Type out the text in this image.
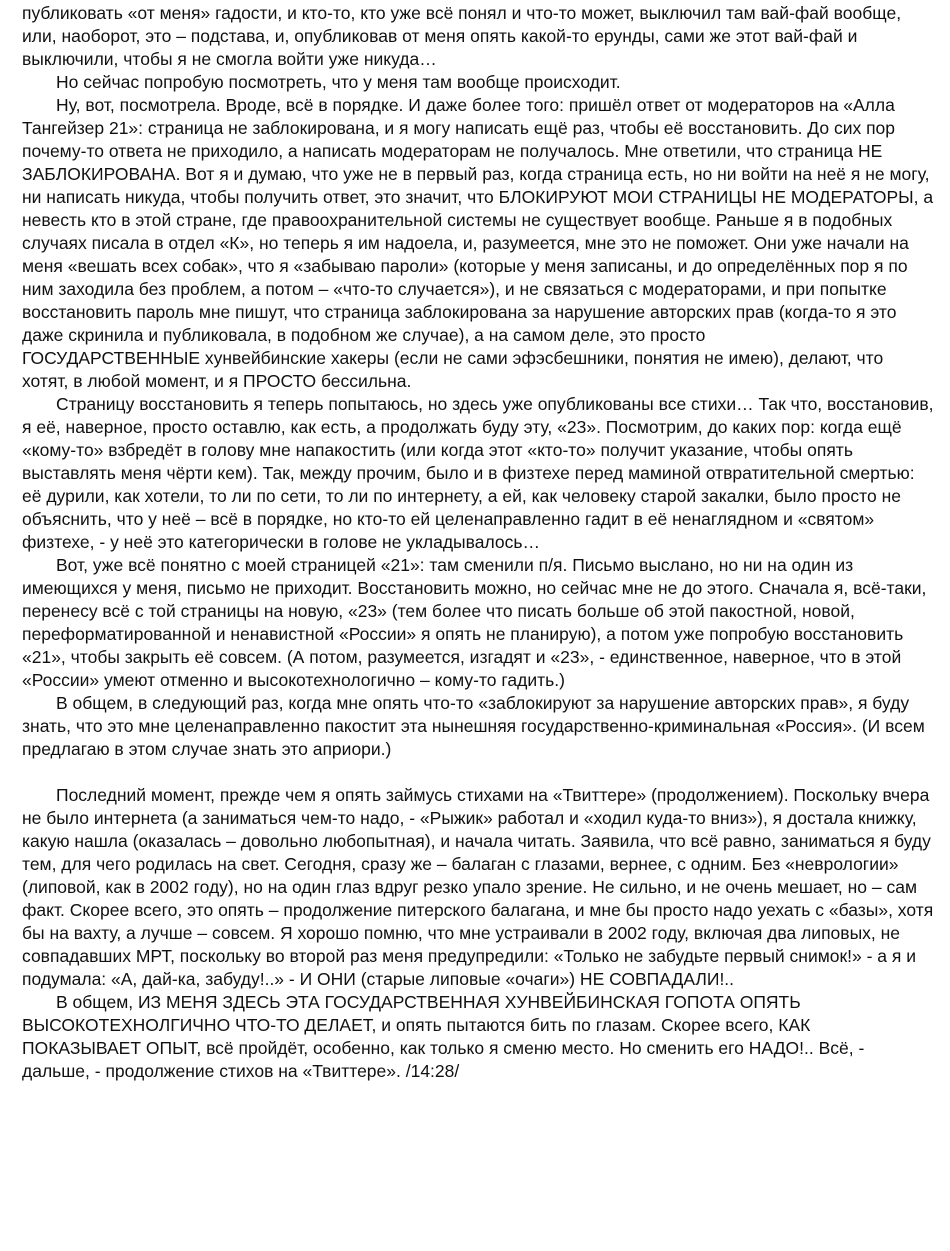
публиковать «от меня» гадости, и кто-то, кто уже всё понял и что-то может, выключил там вай-фай вообще, или, наоборот, это – подстава, и, опубликовав от меня опять какой-то ерунды, сами же этот вай-фай и выключили, чтобы я не смогла войти уже никуда…

Но сейчас попробую посмотреть, что у меня там вообще происходит.

Ну, вот, посмотрела. Вроде, всё в порядке. И даже более того: пришёл ответ от модераторов на «Алла Тангейзер 21»: страница не заблокирована, и я могу написать ещё раз, чтобы её восстановить. До сих пор почему-то ответа не приходило, а написать модераторам не получалось. Мне ответили, что страница НЕ ЗАБЛОКИРОВАНА. Вот я и думаю, что уже не в первый раз, когда страница есть, но ни войти на неё я не могу, ни написать никуда, чтобы получить ответ, это значит, что БЛОКИРУЮТ МОИ СТРАНИЦЫ НЕ МОДЕРАТОРЫ, а невесть кто в этой стране, где правоохранительной системы не существует вообще. Раньше я в подобных случаях писала в отдел «К», но теперь я им надоела, и, разумеется, мне это не поможет. Они уже начали на меня «вешать всех собак», что я «забываю пароли» (которые у меня записаны, и до определённых пор я по ним заходила без проблем, а потом – «что-то случается»), и не связаться с модераторами, и при попытке восстановить пароль мне пишут, что страница заблокирована за нарушение авторских прав (когда-то я это даже скринила и публиковала, в подобном же случае), а на самом деле, это просто

ГОСУДАРСТВЕННЫЕ хунвейбинские хакеры (если не сами эфэсбешники, понятия не имею), делают, что хотят, в любой момент, и я ПРОСТО бессильна.

Страницу восстановить я теперь попытаюсь, но здесь уже опубликованы все стихи… Так что, восстановив, я её, наверное, просто оставлю, как есть, а продолжать буду эту, «23». Посмотрим, до каких пор: когда ещё «кому-то» взбредёт в голову мне напакостить (или когда этот «кто-то» получит указание, чтобы опять выставлять меня чёрти кем). Так, между прочим, было и в физтехе перед маминой отвратительной смертью: её дурили, как хотели, то ли по сети, то ли по интернету, а ей, как человеку старой закалки, было просто не объяснить, что у неё – всё в порядке, но кто-то ей целенаправленно гадит в её ненаглядном и «святом» физтехе, - у неё это категорически в голове не укладывалось…

Вот, уже всё понятно с моей страницей «21»: там сменили п/я. Письмо выслано, но ни на один из имеющихся у меня, письмо не приходит. Восстановить можно, но сейчас мне не до этого. Сначала я, всё-таки, перенесу всё с той страницы на новую, «23» (тем более что писать больше об этой пакостной, новой, переформатированной и ненавистной «России» я опять не планирую), а потом уже попробую восстановить «21», чтобы закрыть её совсем. (А потом, разумеется, изгадят и «23», - единственное, наверное, что в этой «России» умеют отменно и высокотехнологично – кому-то гадить.)

В общем, в следующий раз, когда мне опять что-то «заблокируют за нарушение авторских прав», я буду знать, что это мне целенаправленно пакостит эта нынешняя государственно-криминальная «Россия». (И всем предлагаю в этом случае знать это априори.)

Последний момент, прежде чем я опять займусь стихами на «Твиттере» (продолжением). Поскольку вчера не было интернета (а заниматься чем-то надо, - «Рыжик» работал и «ходил куда-то вниз»), я достала книжку, какую нашла (оказалась – довольно любопытная), и начала читать. Заявила, что всё равно, заниматься я буду тем, для чего родилась на свет. Сегодня, сразу же – балаган с глазами, вернее, с одним. Без «неврологии» (липовой, как в 2002 году), но на один глаз вдруг резко упало зрение. Не сильно, и не очень мешает, но – сам факт. Скорее всего, это опять – продолжение питерского балагана, и мне бы просто надо уехать с «базы», хотя бы на вахту, а лучше – совсем. Я хорошо помню, что мне устраивали в 2002 году, включая два липовых, не совпадавших МРТ, поскольку во второй раз меня предупредили: «Только не забудьте первый снимок!» - а я и подумала: «А, дай-ка, забуду!..» - И ОНИ (старые липовые «очаги») НЕ СОВПАДАЛИ!..

В общем, ИЗ МЕНЯ ЗДЕСЬ ЭТА ГОСУДАРСТВЕННАЯ ХУНВЕЙБИНСКАЯ ГОПОТА ОПЯТЬ ВЫСОКОТЕХНОЛГИЧНО ЧТО-ТО ДЕЛАЕТ, и опять пытаются бить по глазам. Скорее всего, КАК ПОКАЗЫВАЕТ ОПЫТ, всё пройдёт, особенно, как только я сменю место. Но сменить его НАДО!.. Всё, - дальше, - продолжение стихов на «Твиттере». /14:28/
